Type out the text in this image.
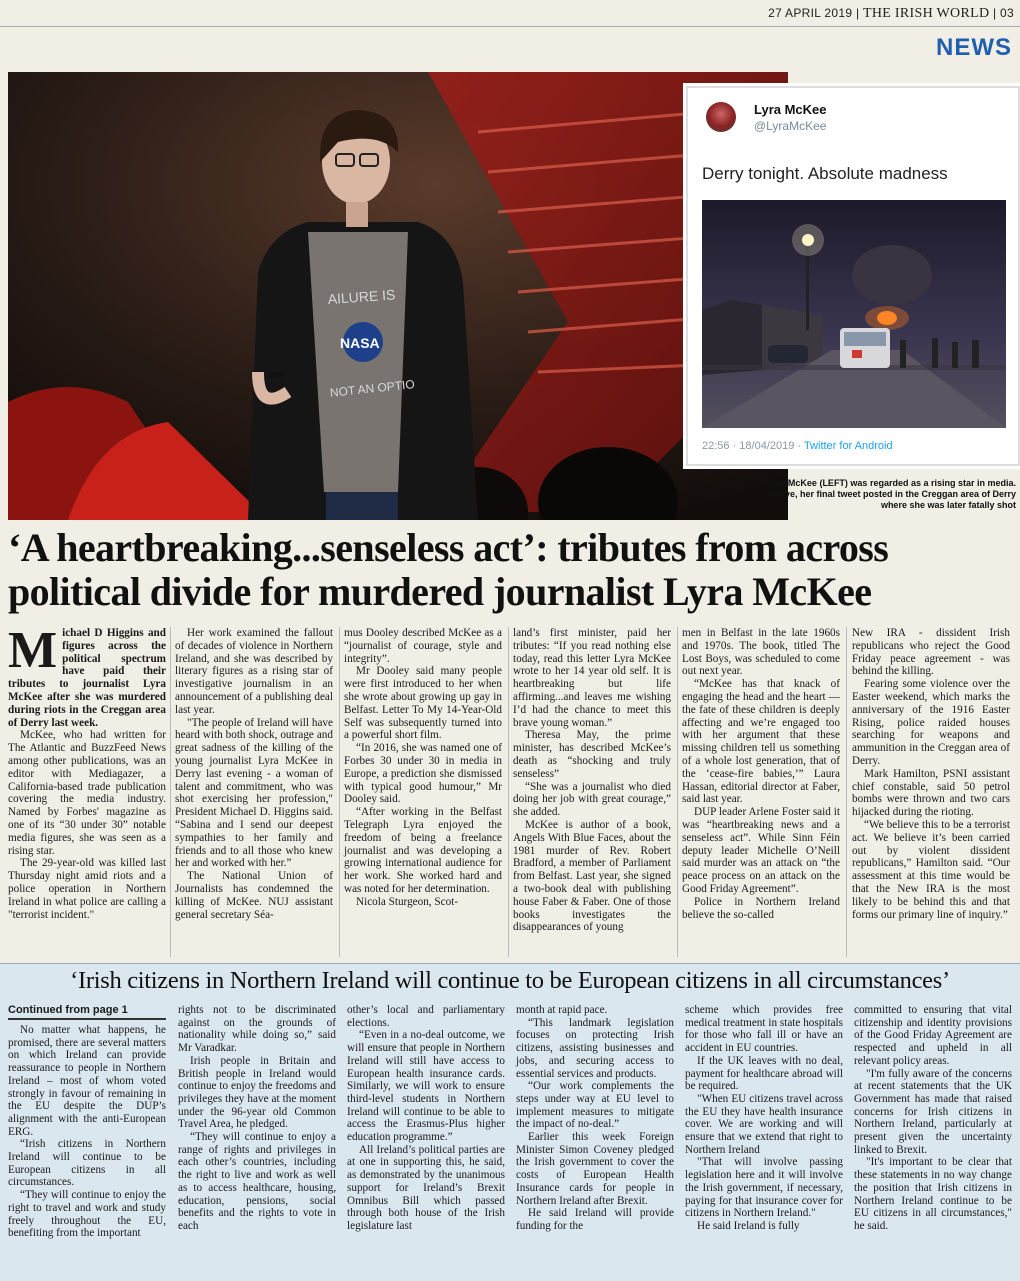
27 APRIL 2019 | THE IRISH WORLD | 03
NEWS
AILURE IS
NASA
NOT AN OPTIO
Lyra McKee
@LyraMcKee
Derry tonight. Absolute madness
22:56 · 18/04/2019 · Twitter for Android
Lyra McKee (LEFT) was regarded as a rising star in media. Above, her final tweet posted in the Creggan area of Derry where she was later fatally shot
‘A heartbreaking...senseless act’: tributes from across political divide for murdered journalist Lyra McKee

Michael D Higgins and figures across the political spectrum have paid their tributes to journalist Lyra McKee after she was murdered during riots in the Creggan area of Derry last week.

McKee, who had written for The Atlantic and BuzzFeed News among other publications, was an editor with Mediagazer, a California-based trade publication covering the media industry. Named by Forbes' magazine as one of its “30 under 30” notable media figures, she was seen as a rising star.

The 29-year-old was killed last Thursday night amid riots and a police operation in Northern Ireland in what police are calling a "terrorist incident."

Her work examined the fallout of decades of violence in Northern Ireland, and she was described by literary figures as a rising star of investigative journalism in an announcement of a publishing deal last year.

"The people of Ireland will have heard with both shock, outrage and great sadness of the killing of the young journalist Lyra McKee in Derry last evening - a woman of talent and commitment, who was shot exercising her profession," President Michael D. Higgins said. “Sabina and I send our deepest sympathies to her family and friends and to all those who knew her and worked with her.”

The National Union of Journalists has condemned the killing of McKee. NUJ assistant general secretary Séa-

mus Dooley described McKee as a “journalist of courage, style and integrity”.

Mr Dooley said many people were first introduced to her when she wrote about growing up gay in Belfast. Letter To My 14-Year-Old Self was subsequently turned into a powerful short film.

“In 2016, she was named one of Forbes 30 under 30 in media in Europe, a prediction she dismissed with typical good humour,” Mr Dooley said.

“After working in the Belfast Telegraph Lyra enjoyed the freedom of being a freelance journalist and was developing a growing international audience for her work. She worked hard and was noted for her determination.

Nicola Sturgeon, Scot-

land’s first minister, paid her tributes: “If you read nothing else today, read this letter Lyra McKee wrote to her 14 year old self. It is heartbreaking but life affirming...and leaves me wishing I’d had the chance to meet this brave young woman.”

Theresa May, the prime minister, has described McKee’s death as “shocking and truly senseless”

“She was a journalist who died doing her job with great courage,” she added.

McKee is author of a book, Angels With Blue Faces, about the 1981 murder of Rev. Robert Bradford, a member of Parliament from Belfast. Last year, she signed a two-book deal with publishing house Faber & Faber. One of those books investigates the disappearances of young

men in Belfast in the late 1960s and 1970s. The book, titled The Lost Boys, was scheduled to come out next year.

“McKee has that knack of engaging the head and the heart — the fate of these children is deeply affecting and we’re engaged too with her argument that these missing children tell us something of a whole lost generation, that of the ‘cease-fire babies,’” Laura Hassan, editorial director at Faber, said last year.

DUP leader Arlene Foster said it was “heartbreaking news and a senseless act”. While Sinn Féin deputy leader Michelle O’Neill said murder was an attack on “the peace process on an attack on the Good Friday Agreement”.

Police in Northern Ireland believe the so-called

New IRA - dissident Irish republicans who reject the Good Friday peace agreement - was behind the killing.

Fearing some violence over the Easter weekend, which marks the anniversary of the 1916 Easter Rising, police raided houses searching for weapons and ammunition in the Creggan area of Derry.

Mark Hamilton, PSNI assistant chief constable, said 50 petrol bombs were thrown and two cars hijacked during the rioting.

“We believe this to be a terrorist act. We believe it’s been carried out by violent dissident republicans,” Hamilton said. “Our assessment at this time would be that the New IRA is the most likely to be behind this and that forms our primary line of inquiry.”

‘Irish citizens in Northern Ireland will continue to be European citizens in all circumstances’
Continued from page 1

No matter what happens, he promised, there are several matters on which Ireland can provide reassurance to people in Northern Ireland – most of whom voted strongly in favour of remaining in the EU despite the DUP’s alignment with the anti-European ERG.

“Irish citizens in Northern Ireland will continue to be European citizens in all circumstances.

“They will continue to enjoy the right to travel and work and study freely throughout the EU, benefiting from the important

rights not to be discriminated against on the grounds of nationality while doing so,” said Mr Varadkar.

Irish people in Britain and British people in Ireland would continue to enjoy the freedoms and privileges they have at the moment under the 96-year old Common Travel Area, he pledged.

“They will continue to enjoy a range of rights and privileges in each other’s countries, including the right to live and work as well as to access healthcare, housing, education, pensions, social benefits and the rights to vote in each

other’s local and parliamentary elections.

“Even in a no-deal outcome, we will ensure that people in Northern Ireland will still have access to European health insurance cards. Similarly, we will work to ensure third-level students in Northern Ireland will continue to be able to access the Erasmus-Plus higher education programme.”

All Ireland’s political parties are at one in supporting this, he said, as demonstrated by the unanimous support for Ireland’s Brexit Omnibus Bill which passed through both house of the Irish legislature last

month at rapid pace.

“This landmark legislation focuses on protecting Irish citizens, assisting businesses and jobs, and securing access to essential services and products.

“Our work complements the steps under way at EU level to implement measures to mitigate the impact of no-deal.”

Earlier this week Foreign Minister Simon Coveney pledged the Irish government to cover the costs of European Health Insurance cards for people in Northern Ireland after Brexit.

He said Ireland will provide funding for the

scheme which provides free medical treatment in state hospitals for those who fall ill or have an accident in EU countries.

If the UK leaves with no deal, payment for healthcare abroad will be required.

"When EU citizens travel across the EU they have health insurance cover. We are working and will ensure that we extend that right to Northern Ireland

"That will involve passing legislation here and it will involve the Irish government, if necessary, paying for that insurance cover for citizens in Northern Ireland."

He said Ireland is fully

committed to ensuring that vital citizenship and identity provisions of the Good Friday Agreement are respected and upheld in all relevant policy areas.

"I'm fully aware of the concerns at recent statements that the UK Government has made that raised concerns for Irish citizens in Northern Ireland, particularly at present given the uncertainty linked to Brexit.

"It's important to be clear that these statements in no way change the position that Irish citizens in Northern Ireland continue to be EU citizens in all circumstances," he said.
